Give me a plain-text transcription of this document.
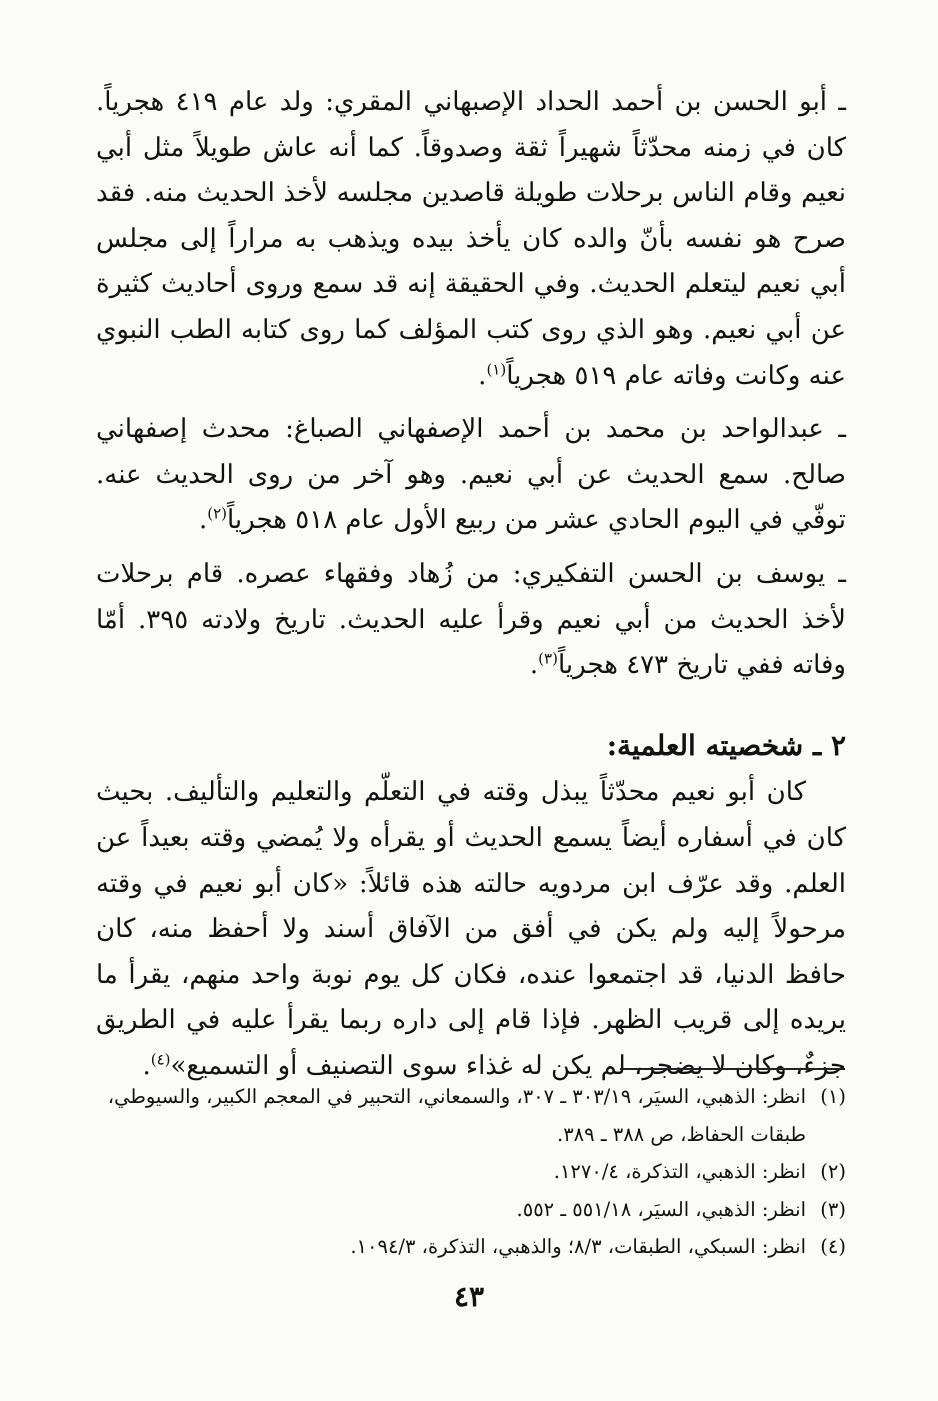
ـ أبو الحسن بن أحمد الحداد الإصبهاني المقري: ولد عام ٤١٩ هجرياً. كان في زمنه محدّثاً شهيراً ثقة وصدوقاً. كما أنه عاش طويلاً مثل أبي نعيم وقام الناس برحلات طويلة قاصدين مجلسه لأخذ الحديث منه. فقد صرح هو نفسه بأنّ والده كان يأخذ بيده ويذهب به مراراً إلى مجلس أبي نعيم ليتعلم الحديث. وفي الحقيقة إنه قد سمع وروى أحاديث كثيرة عن أبي نعيم. وهو الذي روى كتب المؤلف كما روى كتابه الطب النبوي عنه وكانت وفاته عام ٥١٩ هجرياً$^{(١)}$.

ـ عبدالواحد بن محمد بن أحمد الإصفهاني الصباغ: محدث إصفهاني صالح. سمع الحديث عن أبي نعيم. وهو آخر من روى الحديث عنه. توفّي في اليوم الحادي عشر من ربيع الأول عام ٥١٨ هجرياً$^{(٢)}$.

ـ يوسف بن الحسن التفكيري: من زُهاد وفقهاء عصره. قام برحلات لأخذ الحديث من أبي نعيم وقرأ عليه الحديث. تاريخ ولادته ٣٩٥. أمّا وفاته ففي تاريخ ٤٧٣ هجرياً$^{(٣)}$.

٢ ـ شخصيته العلمية:

كان أبو نعيم محدّثاً يبذل وقته في التعلّم والتعليم والتأليف. بحيث كان في أسفاره أيضاً يسمع الحديث أو يقرأه ولا يُمضي وقته بعيداً عن العلم. وقد عرّف ابن مردويه حالته هذه قائلاً: «كان أبو نعيم في وقته مرحولاً إليه ولم يكن في أفق من الآفاق أسند ولا أحفظ منه، كان حافظ الدنيا، قد اجتمعوا عنده، فكان كل يوم نوبة واحد منهم، يقرأ ما يريده إلى قريب الظهر. فإذا قام إلى داره ربما يقرأ عليه في الطريق جزءٌ، وكان لا يضجر، لم يكن له غذاء سوى التصنيف أو التسميع»$^{(٤)}$.

(١)
انظر: الذهبي، السيَر، ٣٠٣/١٩ ـ ٣٠٧، والسمعاني، التحبير في المعجم الكبير، والسيوطي، طبقات الحفاظ، ص ٣٨٨ ـ ٣٨٩.
(٢)
انظر: الذهبي، التذكرة، ١٢٧٠/٤.
(٣)
انظر: الذهبي، السيَر، ٥٥١/١٨ ـ ٥٥٢.
(٤)
انظر: السبكي، الطبقات، ٨/٣؛ والذهبي، التذكرة، ١٠٩٤/٣.
٤٣
